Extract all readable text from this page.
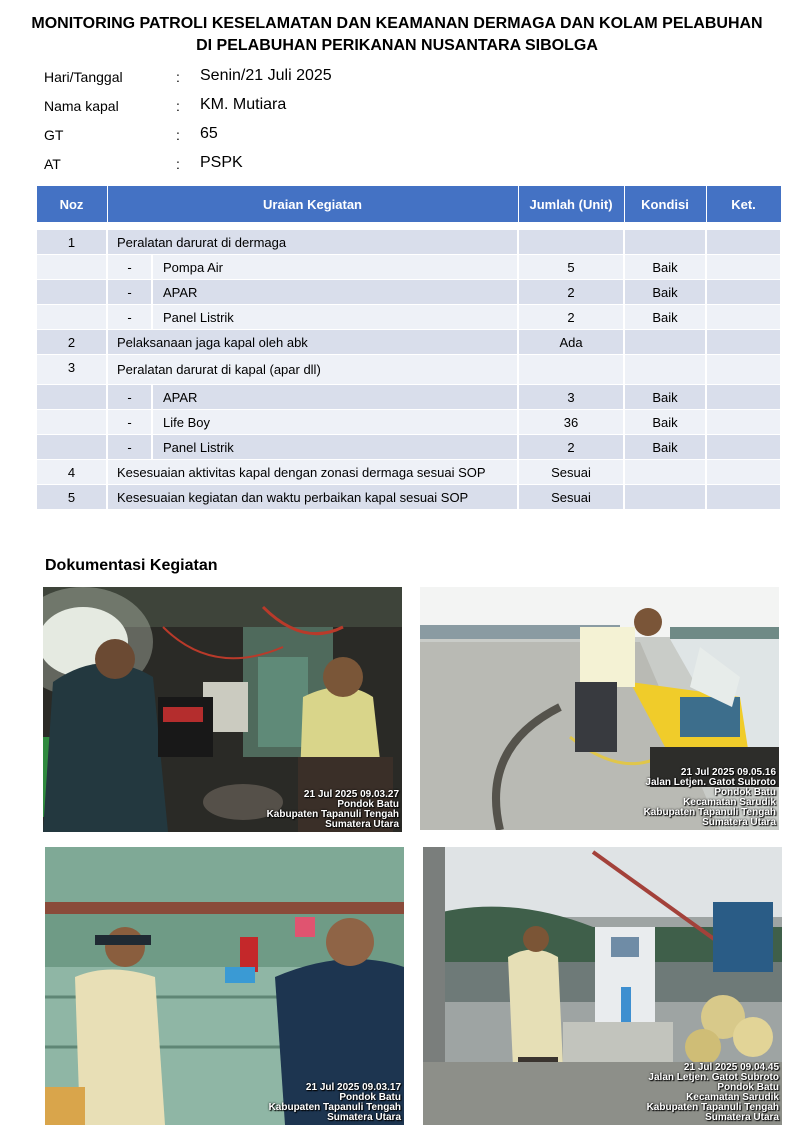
MONITORING PATROLI KESELAMATAN DAN KEAMANAN DERMAGA DAN KOLAM PELABUHAN
DI PELABUHAN PERIKANAN NUSANTARA SIBOLGA
Hari/Tanggal	: Senin/21 Juli 2025
Nama kapal	: KM. Mutiara
GT	: 65
AT	: PSPK
Noz	Uraian Kegiatan		Jumlah (Unit)	Kondisi	Ket.

1	Peralatan darurat di dermaga				
	-	Pompa Air	5	Baik	
	-	APAR	2	Baik	
	-	Panel Listrik	2	Baik	
2	Pelaksanaan jaga kapal oleh abk		Ada		
3	Peralatan darurat di kapal (apar dll)				
	-	APAR	3	Baik	
	-	Life Boy	36	Baik	
	-	Panel Listrik	2	Baik	
4	Kesesuaian aktivitas kapal dengan zonasi dermaga sesuai SOP		Sesuai		
5	Kesesuaian kegiatan dan waktu perbaikan kapal sesuai SOP		Sesuai		
Dokumentasi Kegiatan
21 Jul 2025 09.03.27
Pondok Batu
Kabupaten Tapanuli Tengah
Sumatera Utara
21 Jul 2025 09.05.16
Jalan Letjen. Gatot Subroto
Pondok Batu
Kecamatan Sarudik
Kabupaten Tapanuli Tengah
Sumatera Utara
21 Jul 2025 09.03.17
Pondok Batu
Kabupaten Tapanuli Tengah
Sumatera Utara
21 Jul 2025 09.04.45
Jalan Letjen. Gatot Subroto
Pondok Batu
Kecamatan Sarudik
Kabupaten Tapanuli Tengah
Sumatera Utara
